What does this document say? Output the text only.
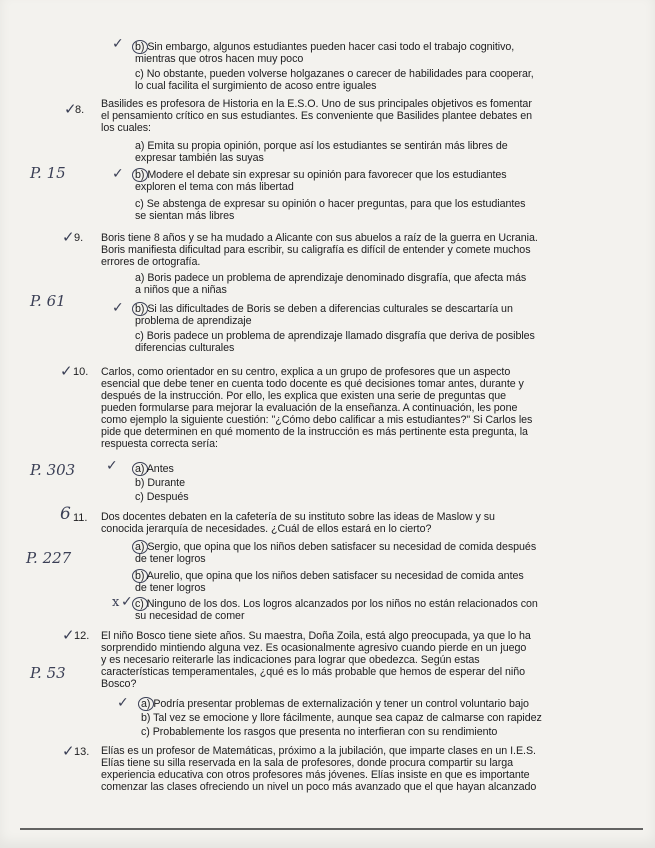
✓ b) Sin embargo, algunos estudiantes pueden hacer casi todo el trabajo cognitivo,
mientras que otros hacen muy poco
c) No obstante, pueden volverse holgazanes o carecer de habilidades para cooperar,
lo cual facilita el surgimiento de acoso entre iguales
✓
8. Basilides es profesora de Historia en la E.S.O. Uno de sus principales objetivos es fomentar
el pensamiento crítico en sus estudiantes. Es conveniente que Basilides plantee debates en
los cuales:
a) Emita su propia opinión, porque así los estudiantes se sentirán más libres de
expresar también las suyas
P. 15	✓ b) Modere el debate sin expresar su opinión para favorecer que los estudiantes
exploren el tema con más libertad
c) Se abstenga de expresar su opinión o hacer preguntas, para que los estudiantes
se sientan más libres
✓ 9. Boris tiene 8 años y se ha mudado a Alicante con sus abuelos a raíz de la guerra en Ucrania.
Boris manifiesta dificultad para escribir, su caligrafía es difícil de entender y comete muchos
errores de ortografía.
a) Boris padece un problema de aprendizaje denominado disgrafía, que afecta más
a niños que a niñas
P. 61	✓ b) Si las dificultades de Boris se deben a diferencias culturales se descartaría un
problema de aprendizaje
c) Boris padece un problema de aprendizaje llamado disgrafía que deriva de posibles
diferencias culturales
✓ 10. Carlos, como orientador en su centro, explica a un grupo de profesores que un aspecto
esencial que debe tener en cuenta todo docente es qué decisiones tomar antes, durante y
después de la instrucción. Por ello, les explica que existen una serie de preguntas que
pueden formularse para mejorar la evaluación de la enseñanza. A continuación, les pone
como ejemplo la siguiente cuestión: "¿Cómo debo calificar a mis estudiantes?" Si Carlos les
pide que determinen en qué momento de la instrucción es más pertinente esta pregunta, la
respuesta correcta sería:
P. 303 ✓ a) Antes
b) Durante
c) Después
6 11. Dos docentes debaten en la cafetería de su instituto sobre las ideas de Maslow y su
conocida jerarquía de necesidades. ¿Cuál de ellos estará en lo cierto?
a) Sergio, que opina que los niños deben satisfacer su necesidad de comida después
de tener logros
P. 227
b) Aurelio, que opina que los niños deben satisfacer su necesidad de comida antes
de tener logros
x ✓ c) Ninguno de los dos. Los logros alcanzados por los niños no están relacionados con
su necesidad de comer
✓ 12. El niño Bosco tiene siete años. Su maestra, Doña Zoila, está algo preocupada, ya que lo ha
sorprendido mintiendo alguna vez. Es ocasionalmente agresivo cuando pierde en un juego
y es necesario reiterarle las indicaciones para lograr que obedezca. Según estas
características temperamentales, ¿qué es lo más probable que hemos de esperar del niño
Bosco?
P. 53
✓ a) Podría presentar problemas de externalización y tener un control voluntario bajo
b) Tal vez se emocione y llore fácilmente, aunque sea capaz de calmarse con rapidez
c) Probablemente los rasgos que presenta no interfieran con su rendimiento
✓ 13. Elías es un profesor de Matemáticas, próximo a la jubilación, que imparte clases en un I.E.S.
Elías tiene su silla reservada en la sala de profesores, donde procura compartir su larga
experiencia educativa con otros profesores más jóvenes. Elías insiste en que es importante
comenzar las clases ofreciendo un nivel un poco más avanzado que el que hayan alcanzado
